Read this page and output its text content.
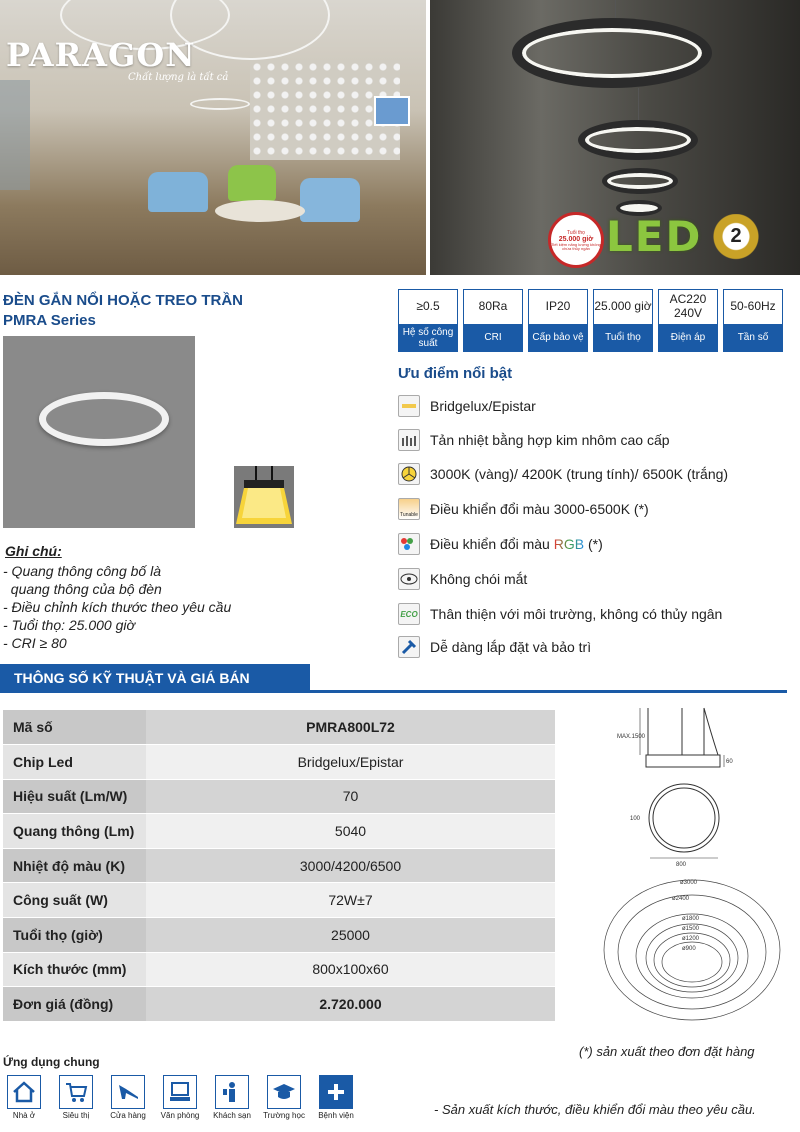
PARAGON
Chất lượng là tất cả
Tuổi thọ
25.000 giờ
Tiết kiệm năng lượng không chứa thủy ngân LED 2
ĐÈN GẮN NỔI HOẶC TREO TRẦN
PMRA Series
≥0.5
Hệ số công suất
80Ra
CRI
IP20
Cấp bảo vệ
25.000 giờ
Tuổi thọ
AC220 240V
Điện áp
50-60Hz
Tần số
Ghi chú:
- Quang thông công bố là
quang thông của bộ đèn
- Điều chỉnh kích thước theo yêu cầu
- Tuổi thọ: 25.000 giờ
- CRI ≥ 80
Ưu điểm nổi bật
Bridgelux/Epistar
Tản nhiệt bằng hợp kim nhôm cao cấp
3000K (vàng)/ 4200K (trung tính)/ 6500K (trắng)
Tunable Điều khiển đổi màu 3000-6500K (*)
Điều khiển đổi màu RGB (*)
Không chói mắt
ECO Thân thiện với môi trường, không có thủy ngân
Dễ dàng lắp đặt và bảo trì
THÔNG SỐ KỸ THUẬT VÀ GIÁ BÁN
Mã số	PMRA800L72
Chip Led	Bridgelux/Epistar
Hiệu suất (Lm/W)	70
Quang thông (Lm)	5040
Nhiệt độ màu (K)	3000/4200/6500
Công suất (W)	72W±7
Tuổi thọ (giờ)	25000
Kích thước (mm)	800x100x60
Đơn giá (đồng)	2.720.000
MAX.1500
60
100
800
ø3000
ø2400
ø1800
ø1500
ø1200
ø900
(*) sản xuất theo đơn đặt hàng
Ứng dụng chung
Nhà ở	Siêu thị	Cửa hàng Văn phòng Khách sạn Trường học Bệnh viện	- Sản xuất kích thước, điều khiển đổi màu theo yêu cầu.
